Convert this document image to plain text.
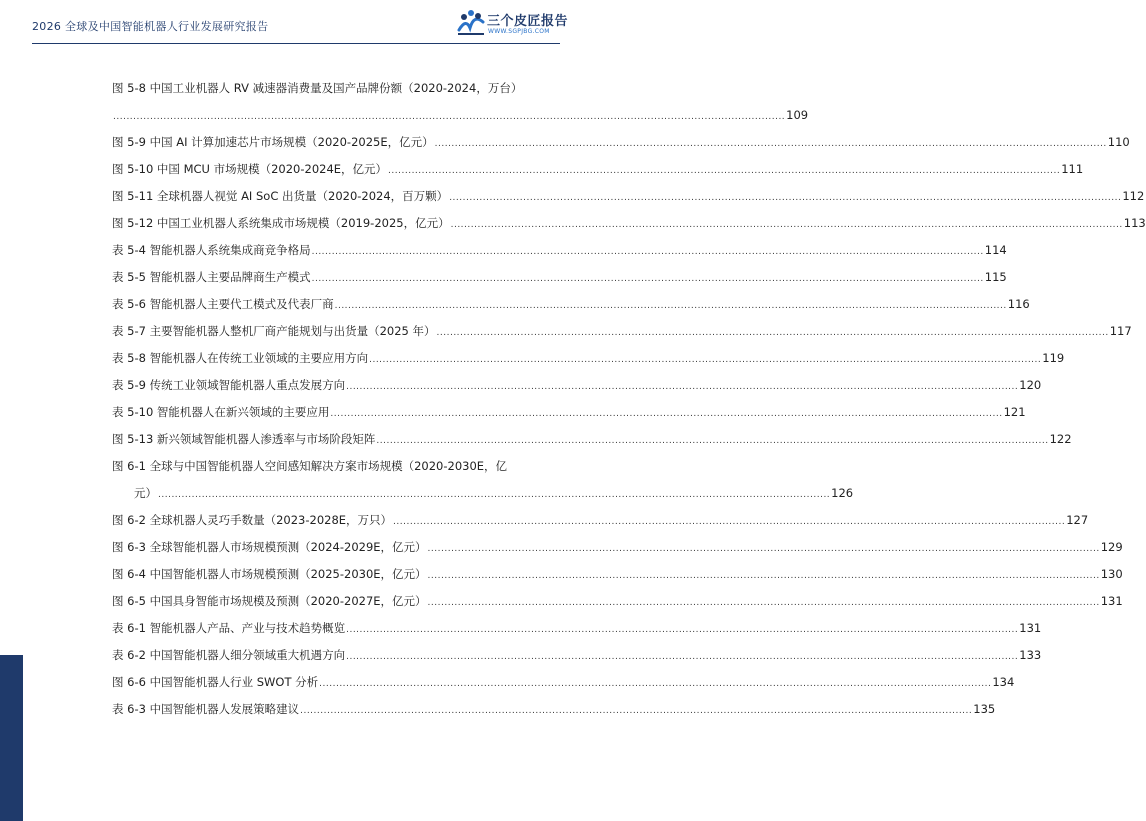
2026 全球及中国智能机器人行业发展研究报告	三个皮匠报告
WWW.SGPJBG.COM
图 5-8 中国工业机器人 RV 减速器消费量及国产品牌份额（2020-2024，万台）
........................................................................................................................................................................................................ 109
图 5-9 中国 AI 计算加速芯片市场规模（2020-2025E，亿元） ........................................................................................................................................................................................................ 110
图 5-10 中国 MCU 市场规模（2020-2024E，亿元） ........................................................................................................................................................................................................ 111
图 5-11 全球机器人视觉 AI SoC 出货量（2020-2024，百万颗） ........................................................................................................................................................................................................ 112
图 5-12 中国工业机器人系统集成市场规模（2019-2025，亿元） ........................................................................................................................................................................................................ 113
表 5-4 智能机器人系统集成商竞争格局 ........................................................................................................................................................................................................ 114
表 5-5 智能机器人主要品牌商生产模式 ........................................................................................................................................................................................................ 115
表 5-6 智能机器人主要代工模式及代表厂商 ........................................................................................................................................................................................................ 116
表 5-7 主要智能机器人整机厂商产能规划与出货量（2025 年） ........................................................................................................................................................................................................ 117
表 5-8 智能机器人在传统工业领域的主要应用方向 ........................................................................................................................................................................................................ 119
表 5-9 传统工业领域智能机器人重点发展方向 ........................................................................................................................................................................................................ 120
表 5-10 智能机器人在新兴领域的主要应用 ........................................................................................................................................................................................................ 121
图 5-13 新兴领域智能机器人渗透率与市场阶段矩阵 ........................................................................................................................................................................................................ 122
图 6-1 全球与中国智能机器人空间感知解决方案市场规模（2020-2030E，亿
元） ........................................................................................................................................................................................................ 126
图 6-2 全球机器人灵巧手数量（2023-2028E，万只） ........................................................................................................................................................................................................ 127
图 6-3 全球智能机器人市场规模预测（2024-2029E，亿元） ........................................................................................................................................................................................................ 129
图 6-4 中国智能机器人市场规模预测（2025-2030E，亿元） ........................................................................................................................................................................................................ 130
图 6-5 中国具身智能市场规模及预测（2020-2027E，亿元） ........................................................................................................................................................................................................ 131
表 6-1 智能机器人产品、产业与技术趋势概览 ........................................................................................................................................................................................................ 131
表 6-2 中国智能机器人细分领域重大机遇方向 ........................................................................................................................................................................................................ 133
图 6-6 中国智能机器人行业 SWOT 分析 ........................................................................................................................................................................................................ 134
表 6-3 中国智能机器人发展策略建议 ........................................................................................................................................................................................................ 135
